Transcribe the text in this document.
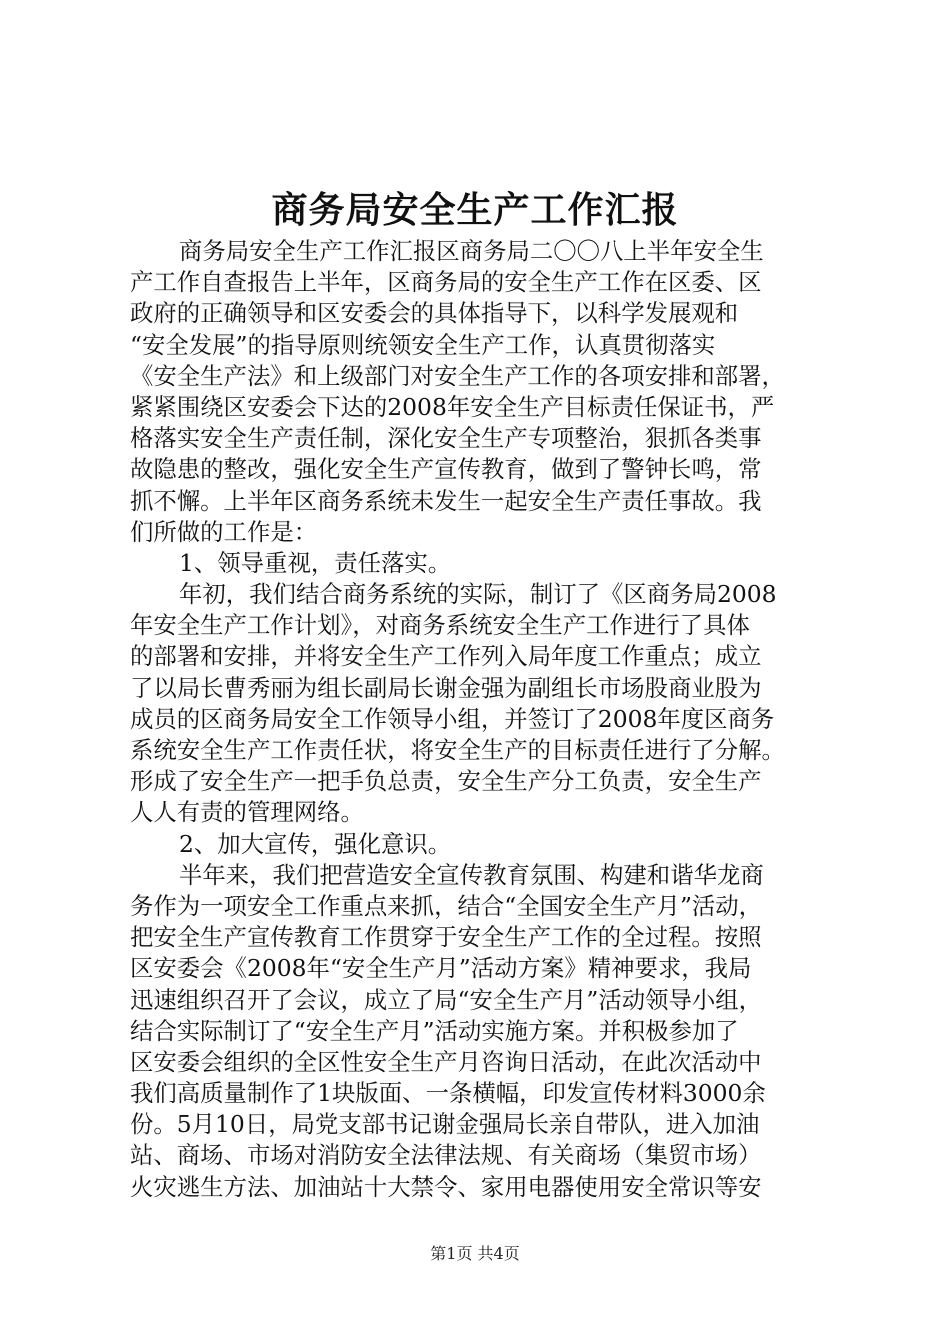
商务局安全生产工作汇报
商务局安全生产工作汇报区商务局二〇〇八上半年安全生
产工作自查报告上半年，区商务局的安全生产工作在区委、区
政府的正确领导和区安委会的具体指导下，以科学发展观和
“安全发展”的指导原则统领安全生产工作，认真贯彻落实
《安全生产法》和上级部门对安全生产工作的各项安排和部署，
紧紧围绕区安委会下达的2008年安全生产目标责任保证书，严
格落实安全生产责任制，深化安全生产专项整治，狠抓各类事
故隐患的整改，强化安全生产宣传教育，做到了警钟长鸣，常
抓不懈。上半年区商务系统未发生一起安全生产责任事故。我
们所做的工作是：
1、领导重视，责任落实。
年初，我们结合商务系统的实际，制订了《区商务局2008
年安全生产工作计划》，对商务系统安全生产工作进行了具体
的部署和安排，并将安全生产工作列入局年度工作重点；成立
了以局长曹秀丽为组长副局长谢金强为副组长市场股商业股为
成员的区商务局安全工作领导小组，并签订了2008年度区商务
系统安全生产工作责任状，将安全生产的目标责任进行了分解。
形成了安全生产一把手负总责，安全生产分工负责，安全生产
人人有责的管理网络。
2、加大宣传，强化意识。
半年来，我们把营造安全宣传教育氛围、构建和谐华龙商
务作为一项安全工作重点来抓，结合“全国安全生产月”活动，
把安全生产宣传教育工作贯穿于安全生产工作的全过程。按照
区安委会《2008年“安全生产月”活动方案》精神要求，我局
迅速组织召开了会议，成立了局“安全生产月”活动领导小组，
结合实际制订了“安全生产月”活动实施方案。并积极参加了
区安委会组织的全区性安全生产月咨询日活动，在此次活动中
我们高质量制作了1块版面、一条横幅，印发宣传材料3000余
份。5月10日，局党支部书记谢金强局长亲自带队，进入加油
站、商场、市场对消防安全法律法规、有关商场（集贸市场）
火灾逃生方法、加油站十大禁令、家用电器使用安全常识等安
第1页 共4页
